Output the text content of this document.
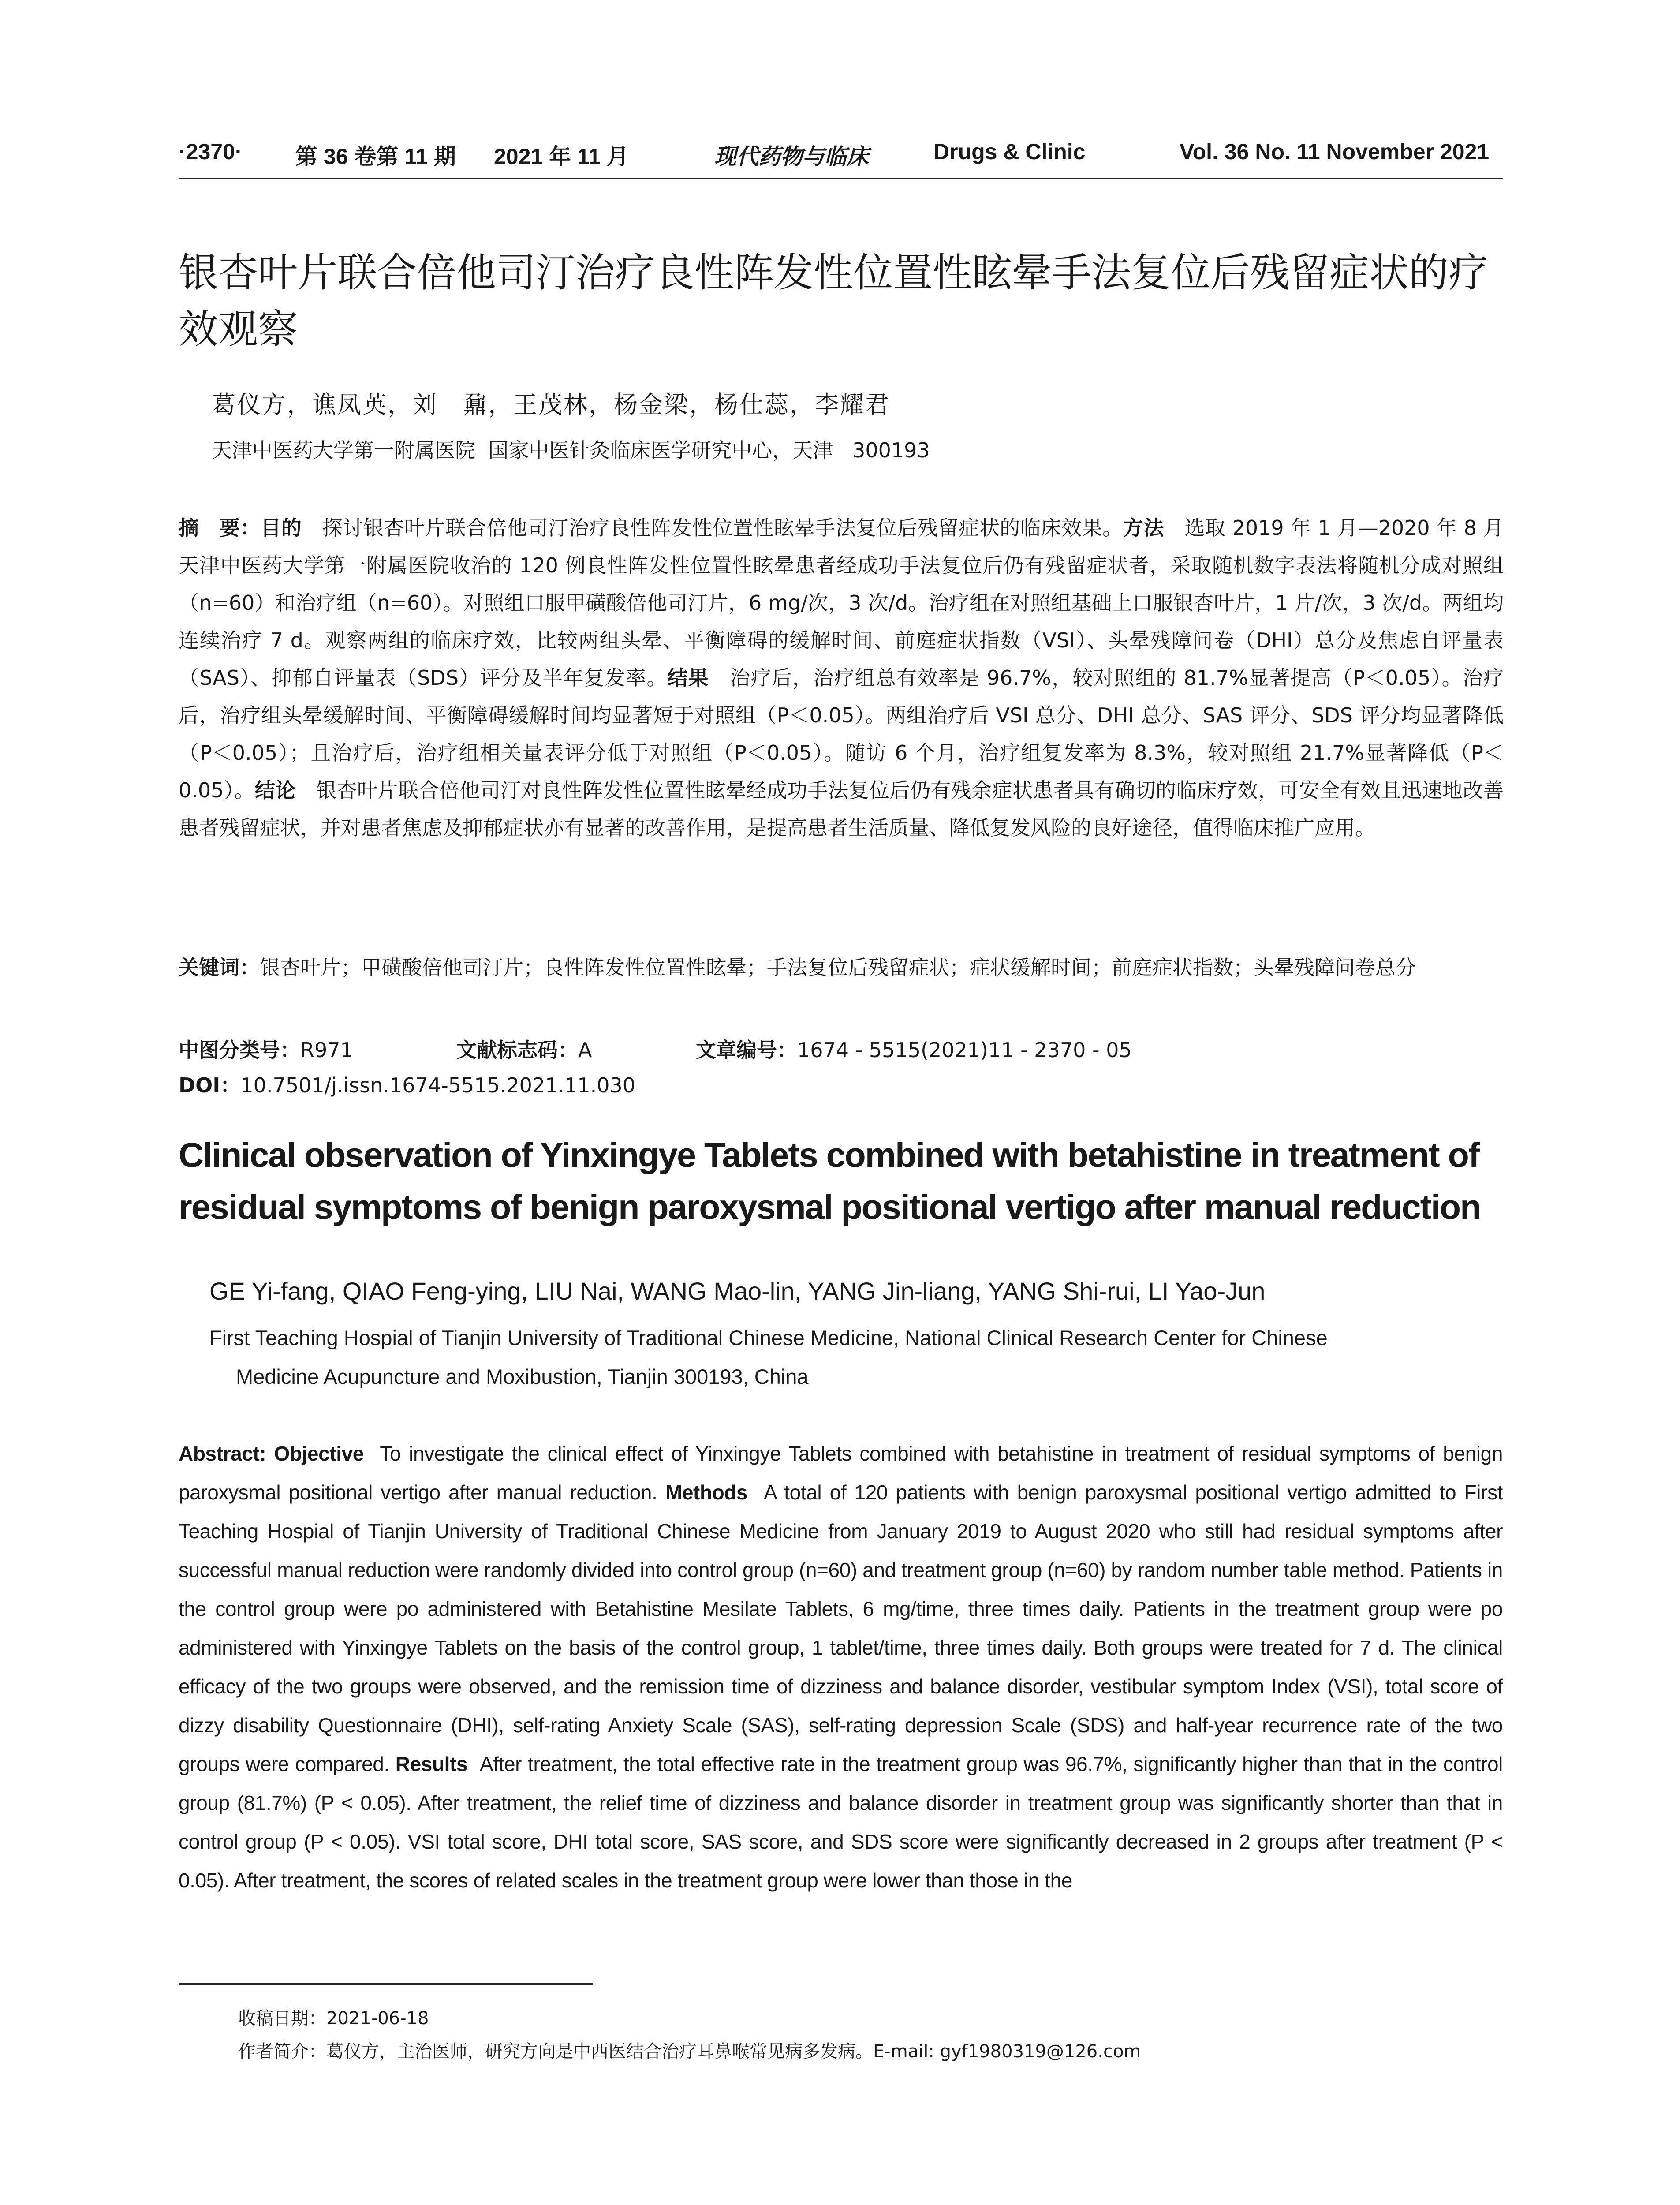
·2370· 第 36 卷第 11 期 2021 年 11 月	现代药物与临床	Drugs & Clinic	Vol. 36 No. 11 November 2021
银杏叶片联合倍他司汀治疗良性阵发性位置性眩晕手法复位后残留症状的疗效观察
葛仪方，谯凤英，刘　鼐，王茂林，杨金梁，杨仕蕊，李耀君
天津中医药大学第一附属医院  国家中医针灸临床医学研究中心，天津   300193
摘　要：目的　 探讨银杏叶片联合倍他司汀治疗良性阵发性位置性眩晕手法复位后残留症状的临床效果。方法　 选取 2019 年 1 月—2020 年 8 月天津中医药大学第一附属医院收治的 120 例良性阵发性位置性眩晕患者经成功手法复位后仍有残留症状者，采取随机数字表法将随机分成对照组（n=60）和治疗组（n=60）。对照组口服甲磺酸倍他司汀片，6 mg/次，3 次/d。治疗组在对照组基础上口服银杏叶片，1 片/次，3 次/d。两组均连续治疗 7 d。观察两组的临床疗效，比较两组头晕、平衡障碍的缓解时间、前庭症状指数（VSI）、头晕残障问卷（DHI）总分及焦虑自评量表（SAS）、抑郁自评量表（SDS）评分及半年复发率。结果　 治疗后，治疗组总有效率是 96.7%，较对照组的 81.7%显著提高（P＜0.05）。治疗后，治疗组头晕缓解时间、平衡障碍缓解时间均显著短于对照组（P＜0.05）。两组治疗后 VSI 总分、DHI 总分、SAS 评分、SDS 评分均显著降低（P＜0.05）；且治疗后，治疗组相关量表评分低于对照组（P＜0.05）。随访 6 个月，治疗组复发率为 8.3%，较对照组 21.7%显著降低（P＜0.05）。结论　 银杏叶片联合倍他司汀对良性阵发性位置性眩晕经成功手法复位后仍有残余症状患者具有确切的临床疗效，可安全有效且迅速地改善患者残留症状，并对患者焦虑及抑郁症状亦有显著的改善作用，是提高患者生活质量、降低复发风险的良好途径，值得临床推广应用。
关键词：银杏叶片；甲磺酸倍他司汀片；良性阵发性位置性眩晕；手法复位后残留症状；症状缓解时间；前庭症状指数；头晕残障问卷总分
中图分类号：R971	文献标志码：A	文章编号：1674 - 5515(2021)11 - 2370 - 05
DOI：10.7501/j.issn.1674-5515.2021.11.030
Clinical observation of Yinxingye Tablets combined with betahistine in treatment of residual symptoms of benign paroxysmal positional vertigo after manual reduction
GE Yi-fang, QIAO Feng-ying, LIU Nai, WANG Mao-lin, YANG Jin-liang, YANG Shi-rui, LI Yao-Jun
First Teaching Hospial of Tianjin University of Traditional Chinese Medicine, National Clinical Research Center for Chinese
Medicine Acupuncture and Moxibustion, Tianjin 300193, China
Abstract: Objective To investigate the clinical effect of Yinxingye Tablets combined with betahistine in treatment of residual symptoms of benign paroxysmal positional vertigo after manual reduction. Methods A total of 120 patients with benign paroxysmal positional vertigo admitted to First Teaching Hospial of Tianjin University of Traditional Chinese Medicine from January 2019 to August 2020 who still had residual symptoms after successful manual reduction were randomly divided into control group (n=60) and treatment group (n=60) by random number table method. Patients in the control group were po administered with Betahistine Mesilate Tablets, 6 mg/time, three times daily. Patients in the treatment group were po administered with Yinxingye Tablets on the basis of the control group, 1 tablet/time, three times daily. Both groups were treated for 7 d. The clinical efficacy of the two groups were observed, and the remission time of dizziness and balance disorder, vestibular symptom Index (VSI), total score of dizzy disability Questionnaire (DHI), self-rating Anxiety Scale (SAS), self-rating depression Scale (SDS) and half-year recurrence rate of the two groups were compared. Results After treatment, the total effective rate in the treatment group was 96.7%, significantly higher than that in the control group (81.7%) (P < 0.05). After treatment, the relief time of dizziness and balance disorder in treatment group was significantly shorter than that in control group (P < 0.05). VSI total score, DHI total score, SAS score, and SDS score were significantly decreased in 2 groups after treatment (P < 0.05). After treatment, the scores of related scales in the treatment group were lower than those in the
收稿日期：2021-06-18
作者简介：葛仪方，主治医师，研究方向是中西医结合治疗耳鼻喉常见病多发病。E-mail: gyf1980319@126.com
